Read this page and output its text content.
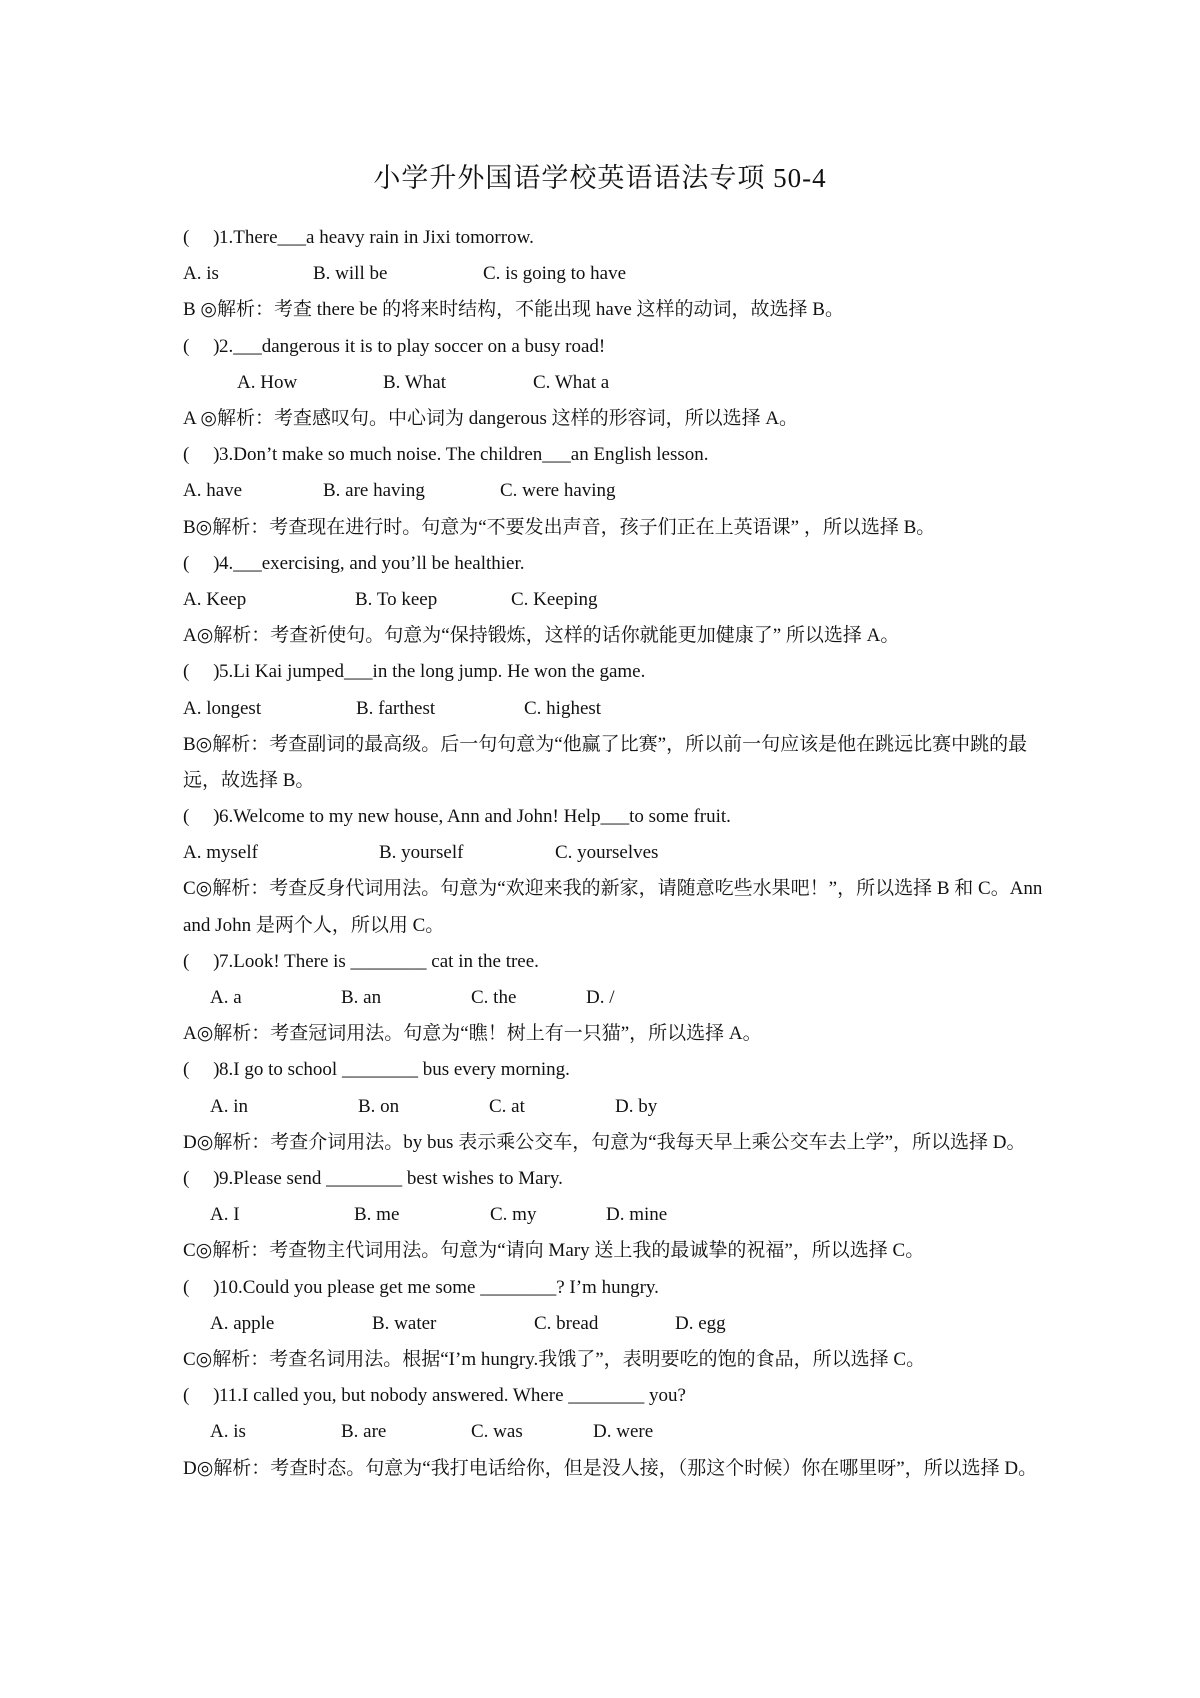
小学升外国语学校英语语法专项 50-4
(     )1.There___a heavy rain in Jixi tomorrow.
A. is	B. will be	C. is going to have
B ◎解析：考查 there be 的将来时结构，不能出现 have 这样的动词，故选择 B。
(     )2.___dangerous it is to play soccer on a busy road!
A. How	B. What	C. What a
A ◎解析：考查感叹句。中心词为 dangerous 这样的形容词，所以选择 A。
(     )3.Don’t make so much noise. The children___an English lesson.
A. have	B. are having	C. were having
B◎解析：考查现在进行时。句意为“不要发出声音，孩子们正在上英语课” ，所以选择 B。
(     )4.___exercising, and you’ll be healthier.
A. Keep	B. To keep	C. Keeping
A◎解析：考查祈使句。句意为“保持锻炼，这样的话你就能更加健康了” 所以选择 A。
(     )5.Li Kai jumped___in the long jump. He won the game.
A. longest	B. farthest	C. highest
B◎解析：考查副词的最高级。后一句句意为“他赢了比赛”，所以前一句应该是他在跳远比赛中跳的最远，故选择 B。
(     )6.Welcome to my new house, Ann and John! Help___to some fruit.
A. myself	B. yourself	C. yourselves
C◎解析：考查反身代词用法。句意为“欢迎来我的新家，请随意吃些水果吧！”，所以选择 B 和 C。Ann and John 是两个人，所以用 C。
(     )7.Look! There is ________ cat in the tree.
A. a	B. an	C. the	D. /
A◎解析：考查冠词用法。句意为“瞧！树上有一只猫”，所以选择 A。
(     )8.I go to school ________ bus every morning.
A. in	B. on	C. at	D. by
D◎解析：考查介词用法。by bus 表示乘公交车，句意为“我每天早上乘公交车去上学”，所以选择 D。
(     )9.Please send ________ best wishes to Mary.
A. I	B. me	C. my	D. mine
C◎解析：考查物主代词用法。句意为“请向 Mary 送上我的最诚挚的祝福”，所以选择 C。
(     )10.Could you please get me some ________? I’m hungry.
A. apple	B. water	C. bread	D. egg
C◎解析：考查名词用法。根据“I’m hungry.我饿了”，表明要吃的饱的食品，所以选择 C。
(     )11.I called you, but nobody answered. Where ________ you?
A. is	B. are	C. was	D. were
D◎解析：考查时态。句意为“我打电话给你，但是没人接，（那这个时候）你在哪里呀”，所以选择 D。
